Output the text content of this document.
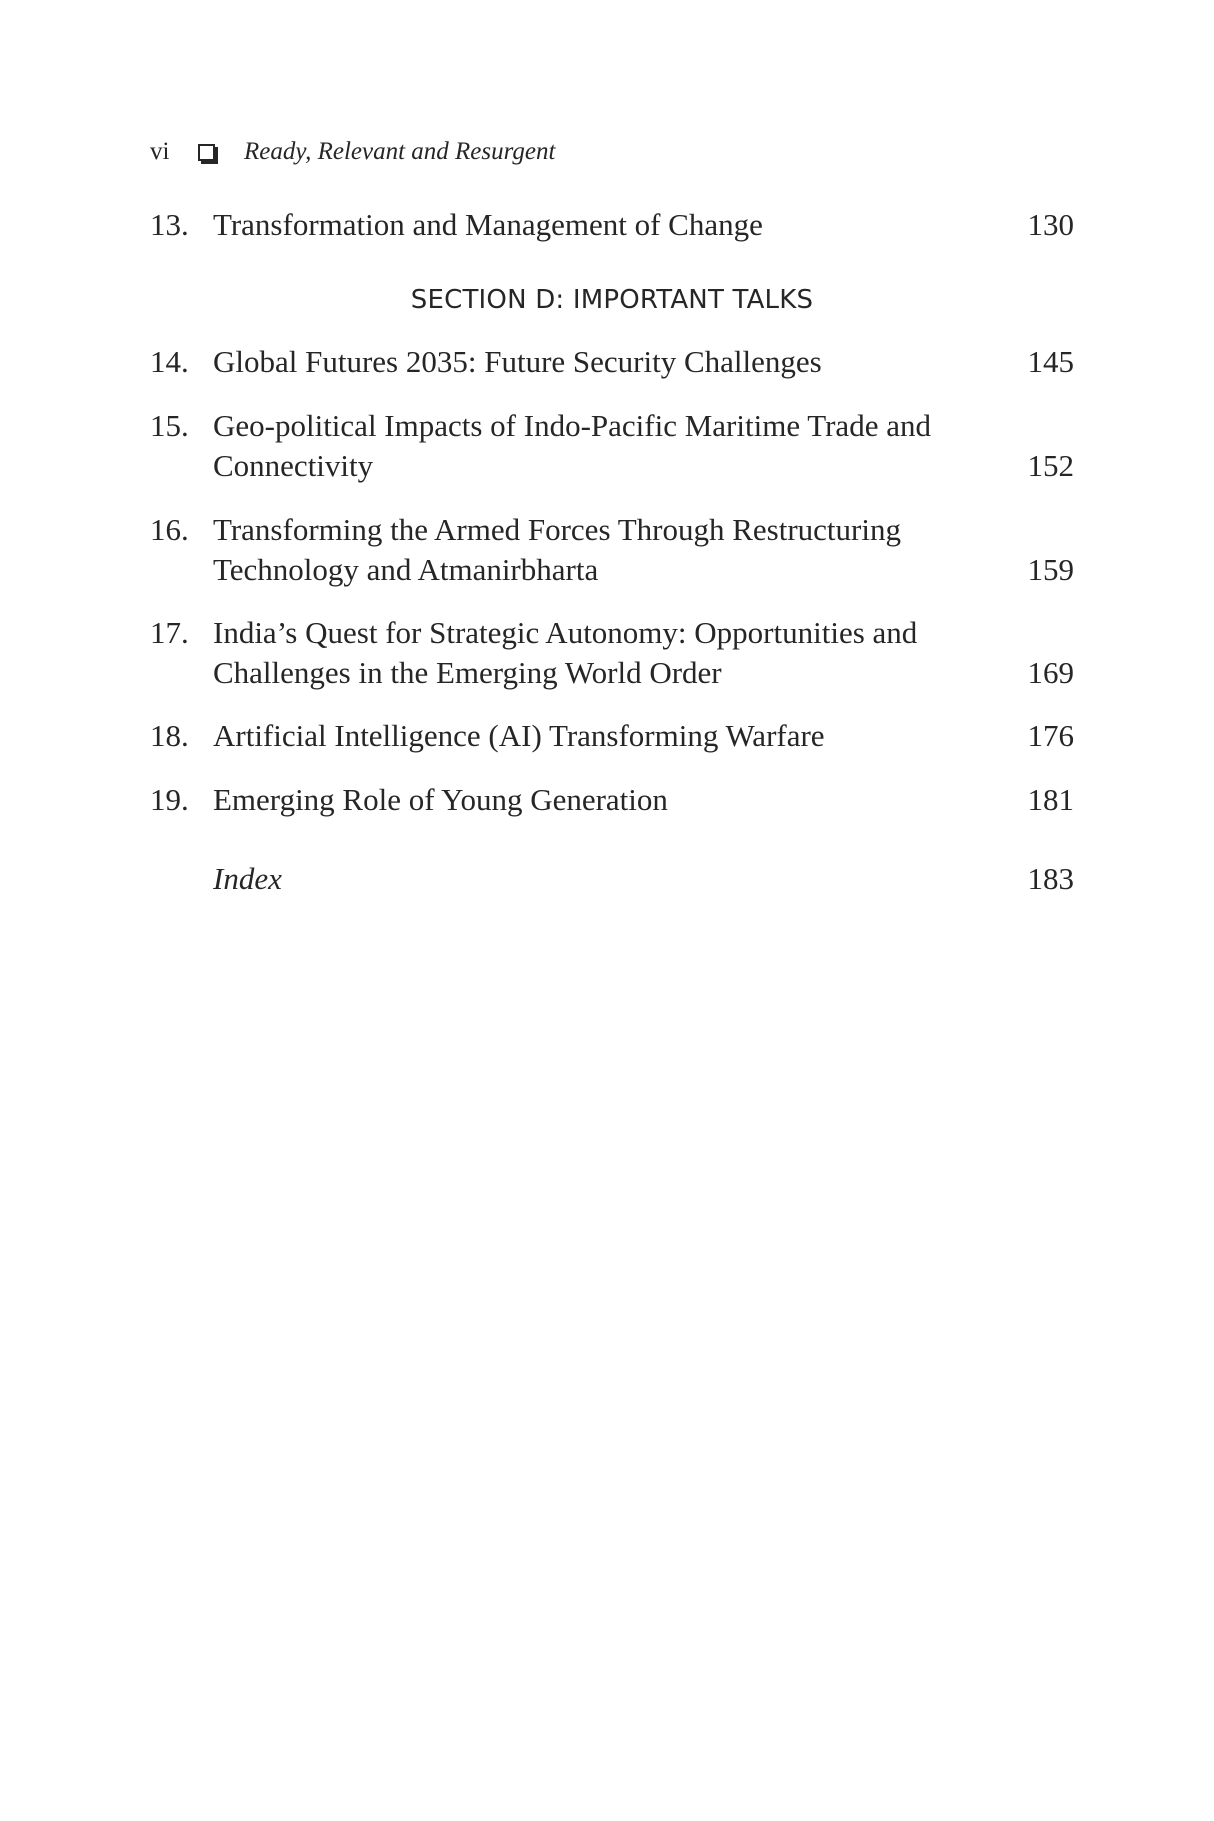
vi	Ready, Relevant and Resurgent
13. Transformation and Management of Change	130
SECTION D: IMPORTANT TALKS
14. Global Futures 2035: Future Security Challenges	145
15. Geo-political Impacts of Indo-Pacific Maritime Trade and
Connectivity	152
16. Transforming the Armed Forces Through Restructuring
Technology and Atmanirbharta	159
17. India’s Quest for Strategic Autonomy: Opportunities and
Challenges in the Emerging World Order	169
18. Artificial Intelligence (AI) Transforming Warfare	176
19. Emerging Role of Young Generation	181
Index	183
